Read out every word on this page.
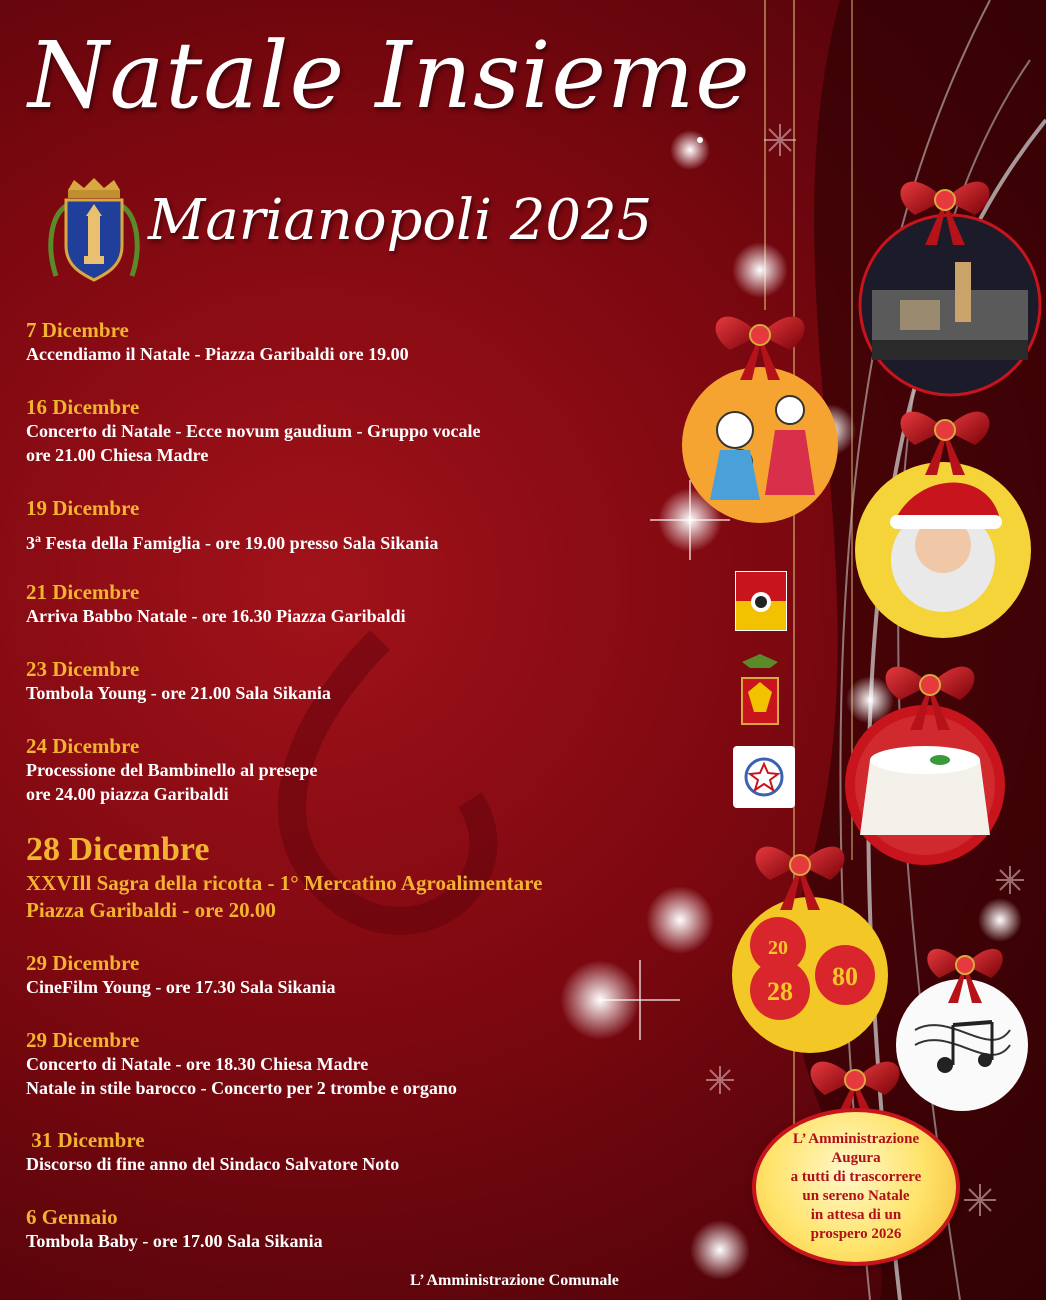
28
80
20
Natale Insieme
Marianopoli 2025
7 Dicembre
Accendiamo il Natale - Piazza Garibaldi ore 19.00
16 Dicembre
Concerto di Natale - Ecce novum gaudium - Gruppo vocale
ore 21.00 Chiesa Madre
19 Dicembre
3$^a$ Festa della Famiglia - ore 19.00 presso Sala Sikania
21 Dicembre
Arriva Babbo Natale - ore 16.30 Piazza Garibaldi
23 Dicembre
Tombola Young - ore 21.00 Sala Sikania
24 Dicembre
Processione del Bambinello al presepe
ore 24.00 piazza Garibaldi
28 Dicembre
XXVIll Sagra della ricotta - 1° Mercatino Agroalimentare
Piazza Garibaldi - ore 20.00
29 Dicembre
CineFilm Young - ore 17.30 Sala Sikania
29 Dicembre
Concerto di Natale - ore 18.30 Chiesa Madre
Natale in stile barocco - Concerto per 2 trombe e organo
31 Dicembre
Discorso di fine anno del Sindaco Salvatore Noto
6 Gennaio
Tombola Baby - ore 17.00 Sala Sikania
L’ Amministrazione
Augura
a tutti di trascorrere
un sereno Natale
in attesa di un
prospero 2026
L’ Amministrazione Comunale
